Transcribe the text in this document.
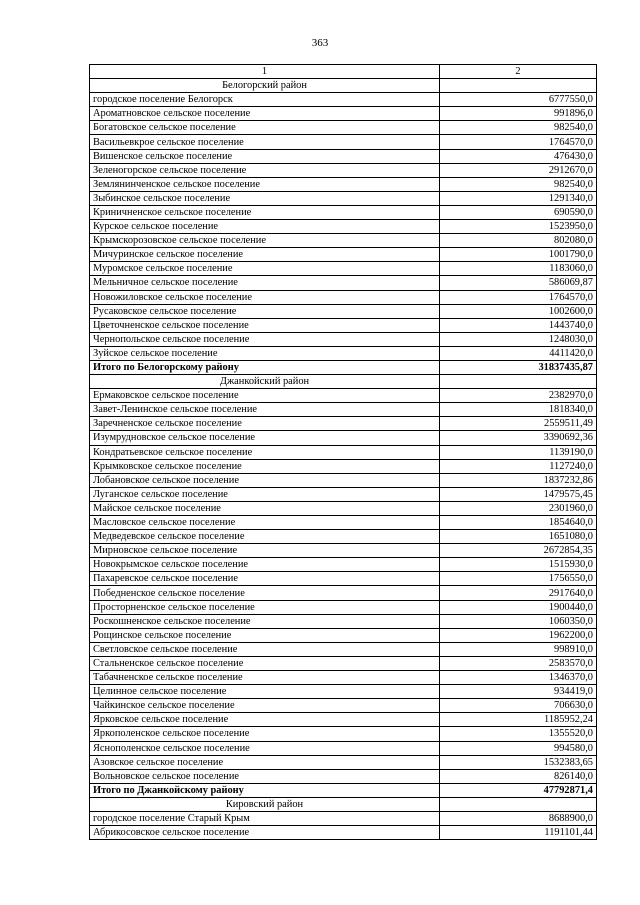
363
1	2
Белогорский район	
городское поселение Белогорск	6777550,0
Ароматновское сельское поселение	991896,0
Богатовское сельское поселение	982540,0
Васильевкрое сельское поселение	1764570,0
Вишенское сельское поселение	476430,0
Зеленогорское сельское поселение	2912670,0
Землянинченское сельское поселение	982540,0
Зыбинское сельское поселение	1291340,0
Криничненское сельское поселение	690590,0
Курское сельское поселение	1523950,0
Крымскорозовское сельское поселение	802080,0
Мичуринское сельское поселение	1001790,0
Муромское сельское поселение	1183060,0
Мельничное сельское поселение	586069,87
Новожиловское сельское поселение	1764570,0
Русаковское сельское поселение	1002600,0
Цветочненское сельское поселение	1443740,0
Чернопольское сельское поселение	1248030,0
Зуйское сельское поселение	4411420,0
Итого по Белогорскому району	31837435,87
Джанкойский район	
Ермаковское сельское поселение	2382970,0
Завет-Ленинское сельское поселение	1818340,0
Заречненское сельское поселение	2559511,49
Изумрудновское сельское поселение	3390692,36
Кондратьевское сельское поселение	1139190,0
Крымковское сельское поселение	1127240,0
Лобановское сельское поселение	1837232,86
Луганское сельское поселение	1479575,45
Майское сельское поселение	2301960,0
Масловское сельское поселение	1854640,0
Медведевское сельское поселение	1651080,0
Мирновское сельское поселение	2672854,35
Новокрымское сельское поселение	1515930,0
Пахаревское сельское поселение	1756550,0
Победненское сельское поселение	2917640,0
Просторненское сельское поселение	1900440,0
Роскошненское сельское поселение	1060350,0
Рощинское сельское поселение	1962200,0
Светловское сельское поселение	998910,0
Стальненское сельское поселение	2583570,0
Табачненское сельское поселение	1346370,0
Целинное сельское поселение	934419,0
Чайкинское сельское поселение	706630,0
Ярковское сельское поселение	1185952,24
Яркополенское сельское поселение	1355520,0
Яснополенское сельское поселение	994580,0
Азовское сельское поселение	1532383,65
Вольновское сельское поселение	826140,0
Итого по Джанкойскому району	47792871,4
Кировский район	
городское поселение Старый Крым	8688900,0
Абрикосовское сельское поселение	1191101,44
